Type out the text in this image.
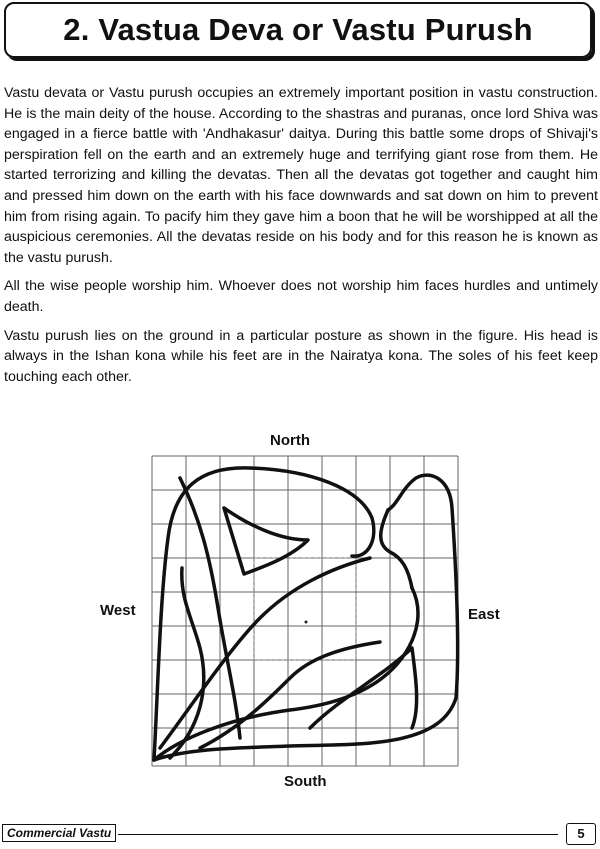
2. Vastua Deva or Vastu Purush

Vastu devata or Vastu purush occupies an extremely important position in vastu construction. He is the main deity of the house. According to the shastras and puranas, once lord Shiva was engaged in a fierce battle with 'Andhakasur' daitya. During this battle some drops of Shivaji's perspiration fell on the earth and an extremely huge and terrifying giant rose from them. He started terrorizing and killing the devatas. Then all the devatas got together and caught him and pressed him down on the earth with his face downwards and sat down on him to prevent him from rising again. To pacify him they gave him a boon that he will be worshipped at all the auspicious ceremonies. All the devatas reside on his body and for this reason he is known as the vastu purush.

All the wise people worship him. Whoever does not worship him faces hurdles and untimely death.

Vastu purush lies on the ground in a particular posture as shown in the figure. His head is always in the Ishan kona while his feet are in the Nairatya kona. The soles of his feet keep touching each other.

North
South
West	East
Commercial Vastu	5
